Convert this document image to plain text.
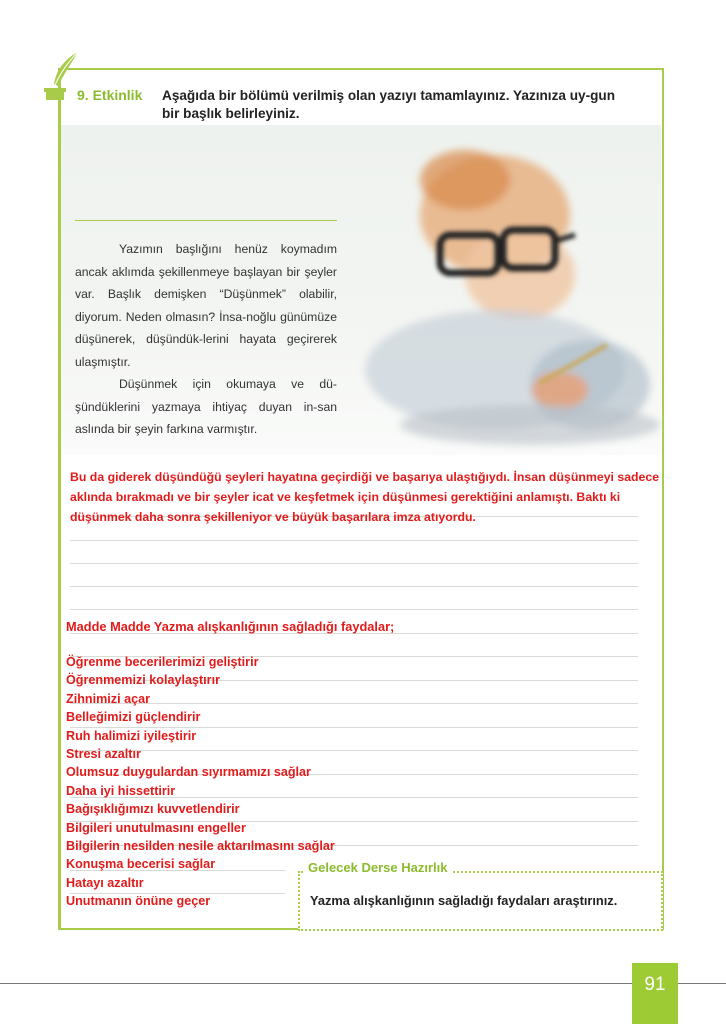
9. Etkinlik Aşağıda bir bölümü verilmiş olan yazıyı tamamlayınız. Yazınıza uy-gun bir başlık belirleyiniz.

Yazımın başlığını henüz koymadım ancak aklımda şekillenmeye başlayan bir şeyler var. Başlık demişken “Düşünmek” olabilir, diyorum. Neden olmasın? İnsa-noğlu günümüze düşünerek, düşündük-lerini hayata geçirerek ulaşmıştır.

Düşünmek için okumaya ve dü-şündüklerini yazmaya ihtiyaç duyan in-san aslında bir şeyin farkına varmıştır.

Bu da giderek düşündüğü şeyleri hayatına geçirdiği ve başarıya ulaştığıydı. İnsan düşünmeyi sadece aklında bırakmadı ve bir şeyler icat ve keşfetmek için düşünmesi gerektiğini anlamıştı. Baktı ki düşünmek daha sonra şekilleniyor ve büyük başarılara imza atıyordu.
Madde Madde Yazma alışkanlığının sağladığı faydalar;
Öğrenme becerilerimizi geliştirir
Öğrenmemizi kolaylaştırır
Zihnimizi açar
Belleğimizi güçlendirir
Ruh halimizi iyileştirir
Stresi azaltır
Olumsuz duygulardan sıyırmamızı sağlar
Daha iyi hissettirir
Bağışıklığımızı kuvvetlendirir
Bilgileri unutulmasını engeller
Bilgilerin nesilden nesile aktarılmasını sağlar
Konuşma becerisi sağlar
Hatayı azaltır
Unutmanın önüne geçer
Gelecek Derse Hazırlık
Yazma alışkanlığının sağladığı faydaları araştırınız.
91
